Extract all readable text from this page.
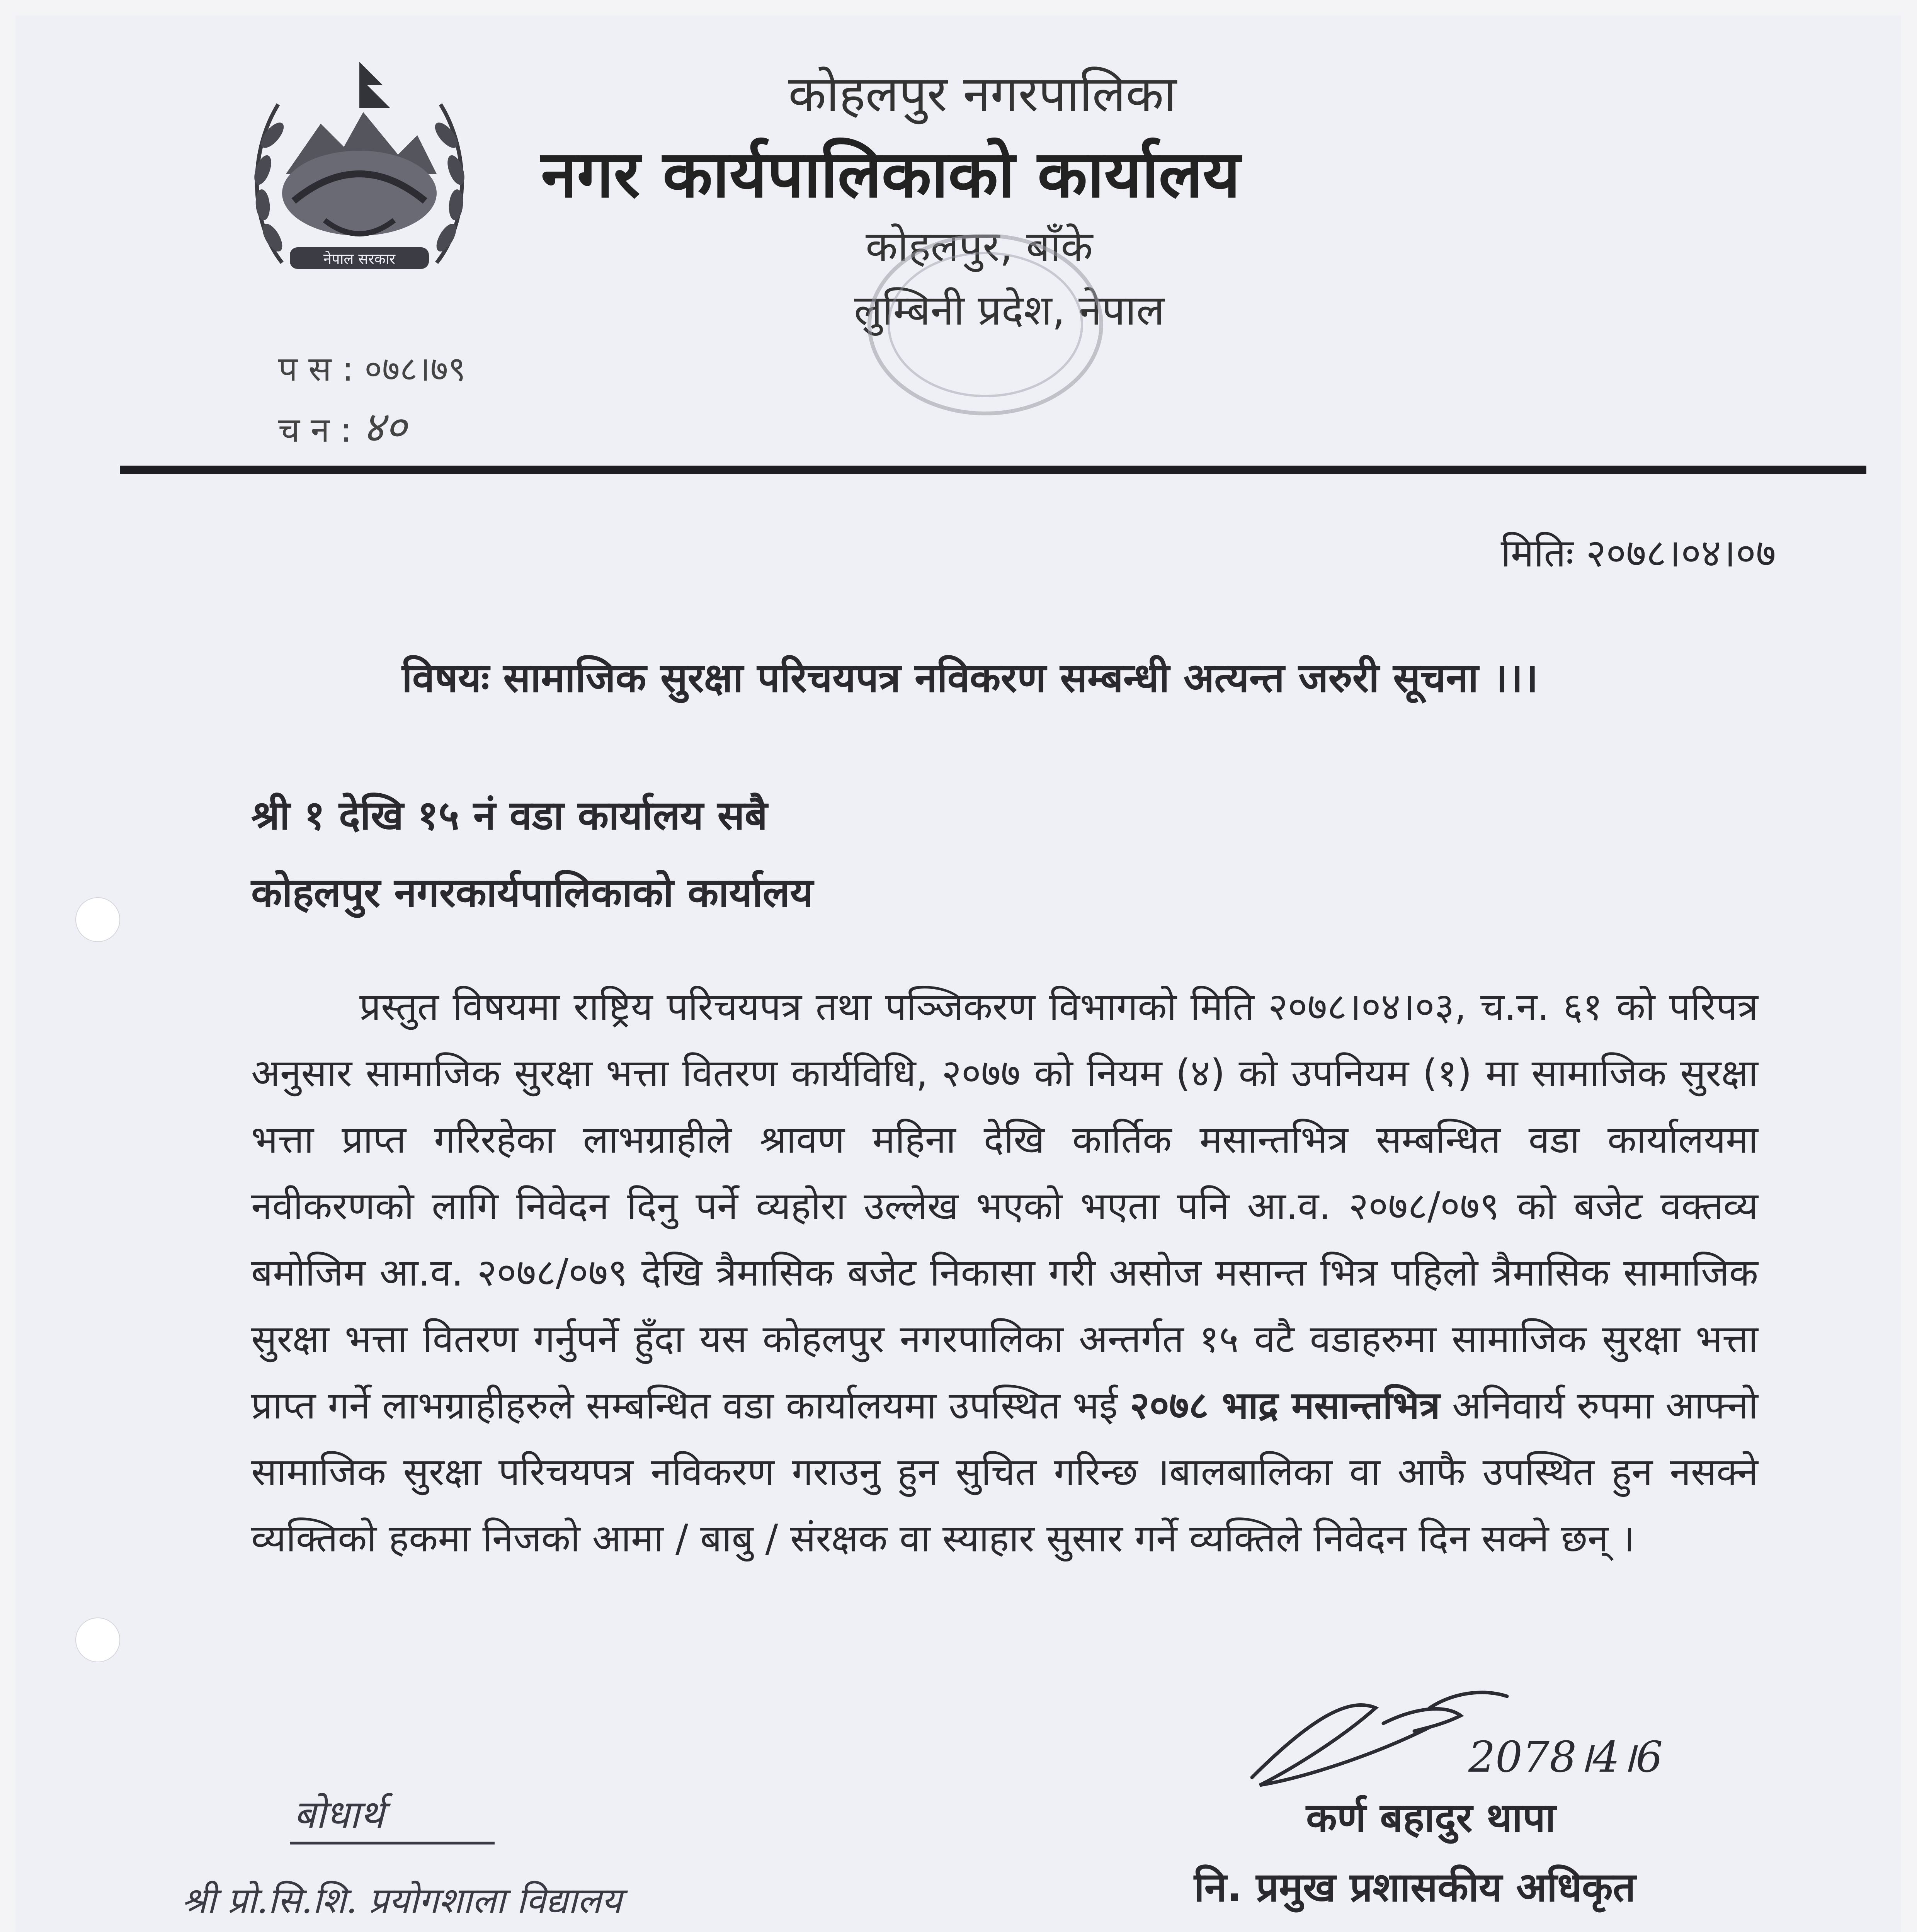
नेपाल सरकार
कोहलपुर नगरपालिका
नगर कार्यपालिकाको कार्यालय
कोहलपुर, बाँके
लुम्बिनी प्रदेश, नेपाल
प स : ०७८।७९
च न : ४०
मितिः २०७८।०४।०७
विषयः सामाजिक सुरक्षा परिचयपत्र नविकरण सम्बन्धी अत्यन्त जरुरी सूचना ।।।
श्री १ देखि १५ नं वडा कार्यालय सबै
कोहलपुर नगरकार्यपालिकाको कार्यालय
प्रस्तुत विषयमा राष्ट्रिय परिचयपत्र तथा पञ्जिकरण विभागको मिति २०७८।०४।०३, च.न. ६१ को परिपत्र अनुसार सामाजिक सुरक्षा भत्ता वितरण कार्यविधि, २०७७ को नियम (४) को उपनियम (१) मा सामाजिक सुरक्षा भत्ता प्राप्त गरिरहेका लाभग्राहीले श्रावण महिना देखि कार्तिक मसान्तभित्र सम्बन्धित वडा कार्यालयमा नवीकरणको लागि निवेदन दिनु पर्ने व्यहोरा उल्लेख भएको भएता पनि आ.व. २०७८/०७९ को बजेट वक्तव्य बमोजिम आ.व. २०७८/०७९ देखि त्रैमासिक बजेट निकासा गरी असोज मसान्त भित्र पहिलो त्रैमासिक सामाजिक सुरक्षा भत्ता वितरण गर्नुपर्ने हुँदा यस कोहलपुर नगरपालिका अन्तर्गत १५ वटै वडाहरुमा सामाजिक सुरक्षा भत्ता प्राप्त गर्ने लाभग्राहीहरुले सम्बन्धित वडा कार्यालयमा उपस्थित भई २०७८ भाद्र मसान्तभित्र अनिवार्य रुपमा आफ्नो सामाजिक सुरक्षा परिचयपत्र नविकरण गराउनु हुन सुचित गरिन्छ ।बालबालिका वा आफै उपस्थित हुन नसक्ने व्यक्तिको हकमा निजको आमा / बाबु / संरक्षक वा स्याहार सुसार गर्ने व्यक्तिले निवेदन दिन सक्ने छन् ।
2078।4।6
कर्ण बहादुर थापा
नि. प्रमुख प्रशासकीय अधिकृत
बोधार्थ
श्री प्रो.सि.शि. प्रयोगशाला विद्यालय
